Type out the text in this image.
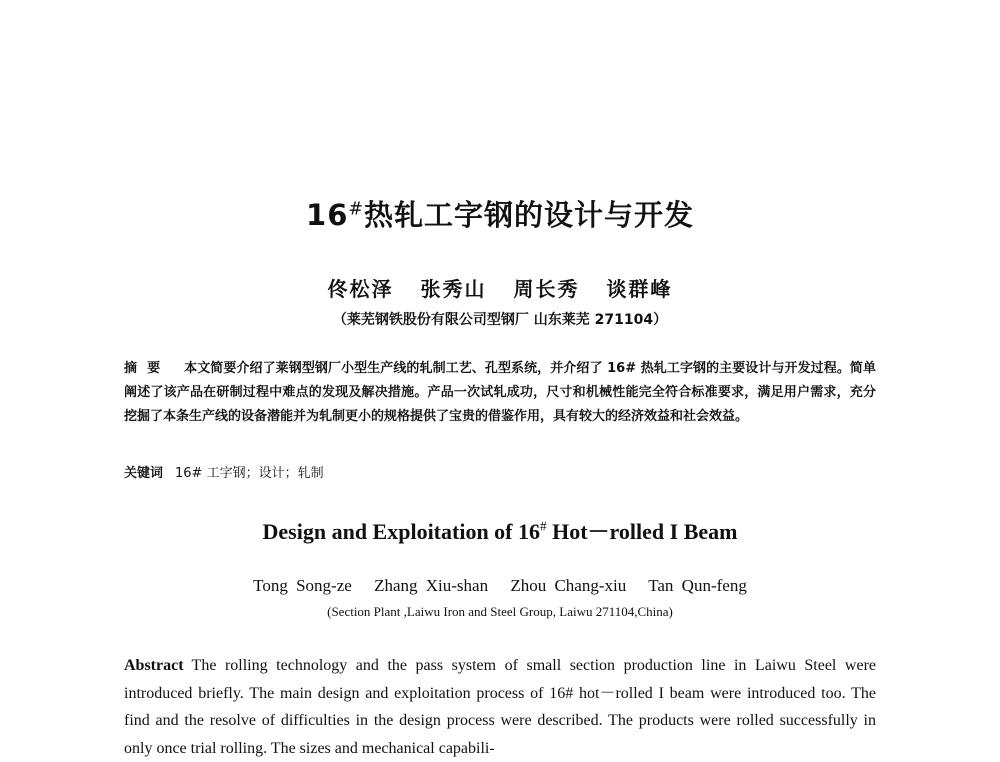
16#热轧工字钢的设计与开发
佟松泽 张秀山 周长秀 谈群峰
（莱芜钢铁股份有限公司型钢厂 山东莱芜 271104）
摘要 本文简要介绍了莱钢型钢厂小型生产线的轧制工艺、孔型系统，并介绍了 16# 热轧工字钢的主要设计与开发过程。简单阐述了该产品在研制过程中难点的发现及解决措施。产品一次试轧成功，尺寸和机械性能完全符合标准要求，满足用户需求，充分挖掘了本条生产线的设备潜能并为轧制更小的规格提供了宝贵的借鉴作用，具有较大的经济效益和社会效益。
关键词 16# 工字钢；设计；轧制
Design and Exploitation of 16# Hot－rolled I Beam
Tong Song-ze Zhang Xiu-shan Zhou Chang-xiu Tan Qun-feng
(Section Plant ,Laiwu Iron and Steel Group, Laiwu 271104,China)
Abstract The rolling technology and the pass system of small section production line in Laiwu Steel were introduced briefly. The main design and exploitation process of 16# hot－rolled I beam were introduced too. The find and the resolve of difficulties in the design process were described. The products were rolled successfully in only once trial rolling. The sizes and mechanical capabili-
